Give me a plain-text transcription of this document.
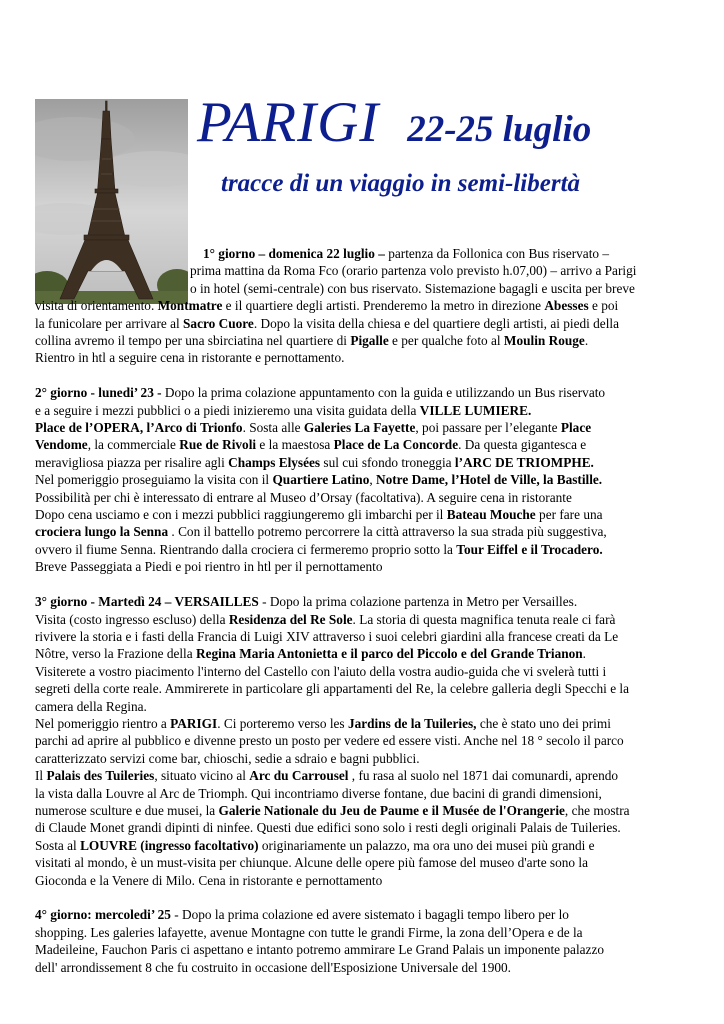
PARIGI 22-25 luglio
tracce di un viaggio in semi-libertà

1° giorno – domenica 22 luglio – partenza da Follonica con Bus riservato –
prima mattina da Roma Fco (orario partenza volo previsto h.07,00) – arrivo a Parigi
o in hotel (semi-centrale) con bus riservato. Sistemazione bagagli e uscita per breve
visita di orientamento. Montmatre e il quartiere degli artisti. Prenderemo la metro in direzione Abesses e poi
la funicolare per arrivare al Sacro Cuore. Dopo la visita della chiesa e del quartiere degli artisti, ai piedi della
collina avremo il tempo per una sbirciatina nel quartiere di Pigalle e per qualche foto al Moulin Rouge.
Rientro in htl a seguire cena in ristorante e pernottamento.

2° giorno - lunedi’ 23 - Dopo la prima colazione appuntamento con la guida e utilizzando un Bus riservato
e a seguire i mezzi pubblici o a piedi inizieremo una visita guidata della VILLE LUMIERE.
Place de l’OPERA, l’Arco di Trionfo. Sosta alle Galeries La Fayette, poi passare per l’elegante Place
Vendome, la commerciale Rue de Rivoli e la maestosa Place de La Concorde. Da questa gigantesca e
meravigliosa piazza per risalire agli Champs Elysées sul cui sfondo troneggia l’ARC DE TRIOMPHE.
Nel pomeriggio proseguiamo la visita con il Quartiere Latino, Notre Dame, l’Hotel de Ville, la Bastille.
Possibilità per chi è interessato di entrare al Museo d’Orsay (facoltativa). A seguire cena in ristorante
Dopo cena usciamo e con i mezzi pubblici raggiungeremo gli imbarchi per il Bateau Mouche per fare una
crociera lungo la Senna . Con il battello potremo percorrere la città attraverso la sua strada più suggestiva,
ovvero il fiume Senna. Rientrando dalla crociera ci fermeremo proprio sotto la Tour Eiffel e il Trocadero.
Breve Passeggiata a Piedi e poi rientro in htl per il pernottamento

3° giorno - Martedì 24 – VERSAILLES - Dopo la prima colazione partenza in Metro per Versailles.
Visita (costo ingresso escluso) della Residenza del Re Sole. La storia di questa magnifica tenuta reale ci farà
rivivere la storia e i fasti della Francia di Luigi XIV attraverso i suoi celebri giardini alla francese creati da Le
Nôtre, verso la Frazione della Regina Maria Antonietta e il parco del Piccolo e del Grande Trianon.
Visiterete a vostro piacimento l'interno del Castello con l'aiuto della vostra audio-guida che vi svelerà tutti i
segreti della corte reale. Ammirerete in particolare gli appartamenti del Re, la celebre galleria degli Specchi e la
camera della Regina.
Nel pomeriggio rientro a PARIGI. Ci porteremo verso les Jardins de la Tuileries, che è stato uno dei primi
parchi ad aprire al pubblico e divenne presto un posto per vedere ed essere visti. Anche nel 18 ° secolo il parco
caratterizzato servizi come bar, chioschi, sedie a sdraio e bagni pubblici.
Il Palais des Tuileries, situato vicino al Arc du Carrousel , fu rasa al suolo nel 1871 dai comunardi, aprendo
la vista dalla Louvre al Arc de Triomph. Qui incontriamo diverse fontane, due bacini di grandi dimensioni,
numerose sculture e due musei, la Galerie Nationale du Jeu de Paume e il Musée de l'Orangerie, che mostra
di Claude Monet grandi dipinti di ninfee. Questi due edifici sono solo i resti degli originali Palais de Tuileries.
Sosta al LOUVRE (ingresso facoltativo) originariamente un palazzo, ma ora uno dei musei più grandi e
visitati al mondo, è un must-visita per chiunque. Alcune delle opere più famose del museo d'arte sono la
Gioconda e la Venere di Milo. Cena in ristorante e pernottamento

4° giorno: mercoledi’ 25 - Dopo la prima colazione ed avere sistemato i bagagli tempo libero per lo
shopping. Les galeries lafayette, avenue Montagne con tutte le grandi Firme, la zona dell’Opera e de la
Madeileine, Fauchon Paris ci aspettano e intanto potremo ammirare Le Grand Palais un imponente palazzo
dell' arrondissement 8 che fu costruito in occasione dell'Esposizione Universale del 1900.
